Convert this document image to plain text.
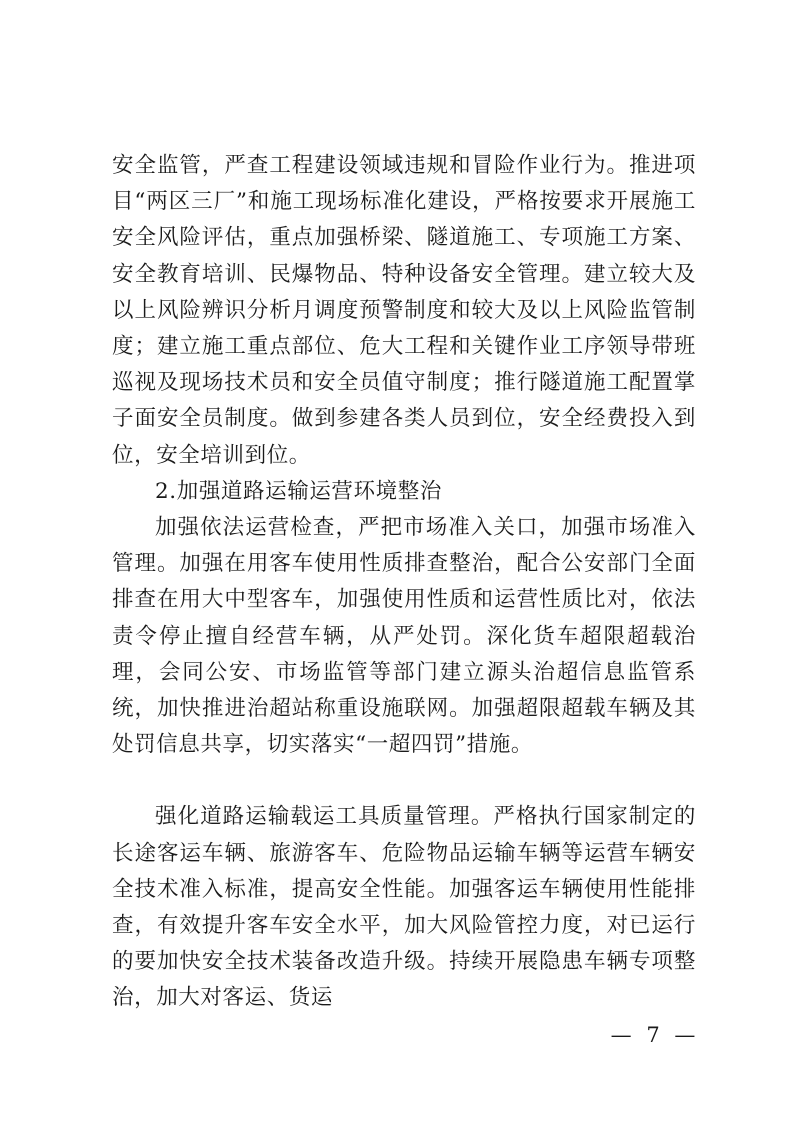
安全监管，严查工程建设领域违规和冒险作业行为。推进项目“两区三厂”和施工现场标准化建设，严格按要求开展施工安全风险评估，重点加强桥梁、隧道施工、专项施工方案、安全教育培训、民爆物品、特种设备安全管理。建立较大及以上风险辨识分析月调度预警制度和较大及以上风险监管制度；建立施工重点部位、危大工程和关键作业工序领导带班巡视及现场技术员和安全员值守制度；推行隧道施工配置掌子面安全员制度。做到参建各类人员到位，安全经费投入到位，安全培训到位。

2.加强道路运输运营环境整治

加强依法运营检查，严把市场准入关口，加强市场准入管理。加强在用客车使用性质排查整治，配合公安部门全面排查在用大中型客车，加强使用性质和运营性质比对，依法责令停止擅自经营车辆，从严处罚。深化货车超限超载治理，会同公安、市场监管等部门建立源头治超信息监管系统，加快推进治超站称重设施联网。加强超限超载车辆及其处罚信息共享，切实落实“一超四罚”措施。

强化道路运输载运工具质量管理。严格执行国家制定的长途客运车辆、旅游客车、危险物品运输车辆等运营车辆安全技术准入标准，提高安全性能。加强客运车辆使用性能排查，有效提升客车安全水平，加大风险管控力度，对已运行的要加快安全技术装备改造升级。持续开展隐患车辆专项整治，加大对客运、货运

— 7 —
